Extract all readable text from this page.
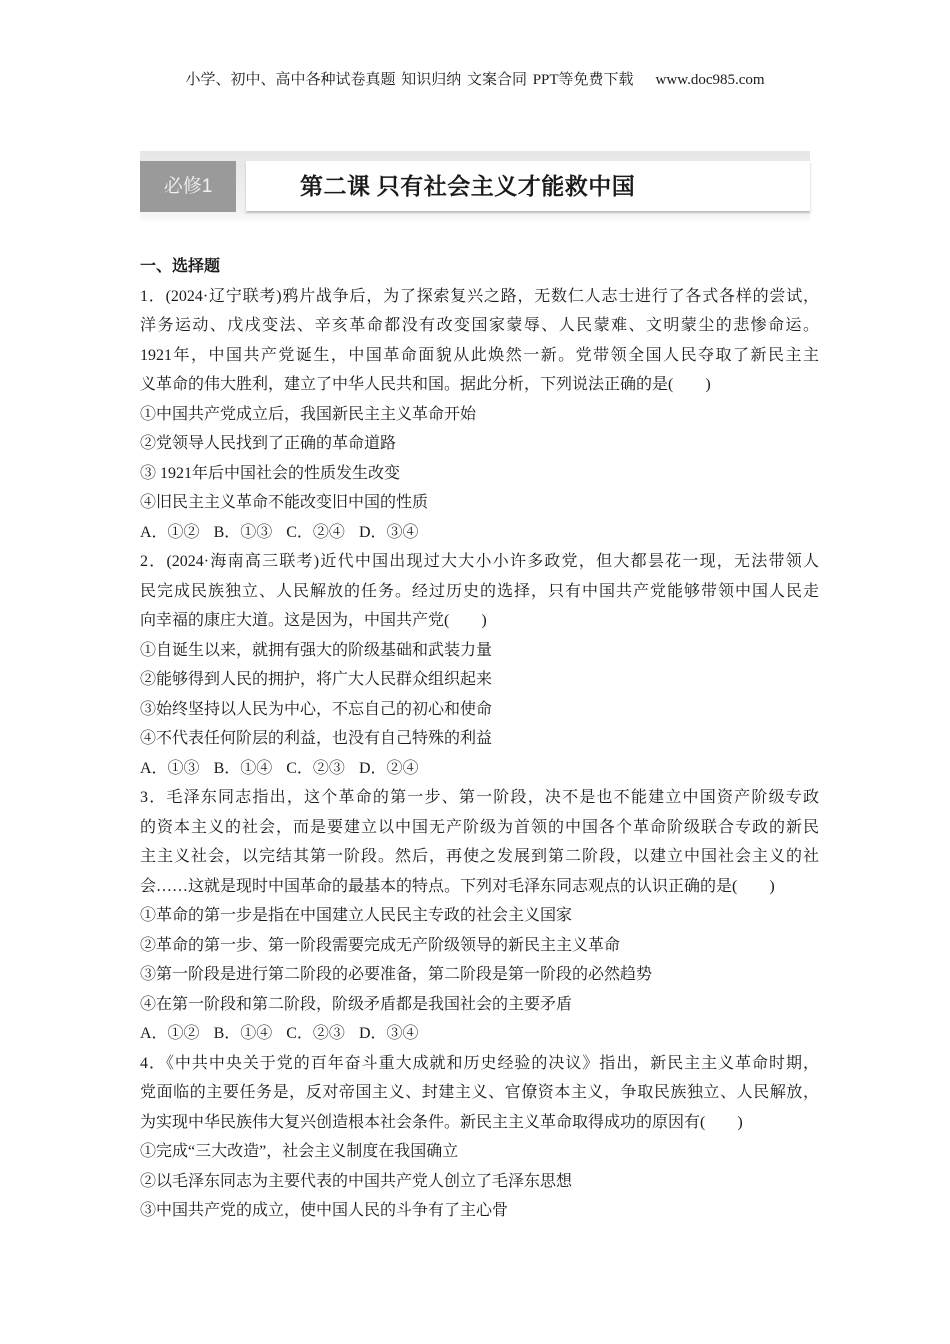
小学、初中、高中各种试卷真题 知识归纳 文案合同 PPT等免费下载 www.doc985.com
必修1	第二课 只有社会主义才能救中国
一、选择题
1．(2024·辽宁联考)鸦片战争后，为了探索复兴之路，无数仁人志士进行了各式各样的尝试，
洋务运动、戊戌变法、辛亥革命都没有改变国家蒙辱、人民蒙难、文明蒙尘的悲惨命运。
1921年，中国共产党诞生，中国革命面貌从此焕然一新。党带领全国人民夺取了新民主主
义革命的伟大胜利，建立了中华人民共和国。据此分析，下列说法正确的是(　　)
①中国共产党成立后，我国新民主主义革命开始
②党领导人民找到了正确的革命道路
③ 1921年后中国社会的性质发生改变
④旧民主主义革命不能改变旧中国的性质
A．①② B．①③ C．②④ D．③④
2．(2024·海南高三联考)近代中国出现过大大小小许多政党，但大都昙花一现，无法带领人
民完成民族独立、人民解放的任务。经过历史的选择，只有中国共产党能够带领中国人民走
向幸福的康庄大道。这是因为，中国共产党(　　)
①自诞生以来，就拥有强大的阶级基础和武装力量
②能够得到人民的拥护，将广大人民群众组织起来
③始终坚持以人民为中心，不忘自己的初心和使命
④不代表任何阶层的利益，也没有自己特殊的利益
A．①③ B．①④ C．②③ D．②④
3．毛泽东同志指出，这个革命的第一步、第一阶段，决不是也不能建立中国资产阶级专政
的资本主义的社会，而是要建立以中国无产阶级为首领的中国各个革命阶级联合专政的新民
主主义社会，以完结其第一阶段。然后，再使之发展到第二阶段，以建立中国社会主义的社
会……这就是现时中国革命的最基本的特点。下列对毛泽东同志观点的认识正确的是(　　)
①革命的第一步是指在中国建立人民民主专政的社会主义国家
②革命的第一步、第一阶段需要完成无产阶级领导的新民主主义革命
③第一阶段是进行第二阶段的必要准备，第二阶段是第一阶段的必然趋势
④在第一阶段和第二阶段，阶级矛盾都是我国社会的主要矛盾
A．①② B．①④ C．②③ D．③④
4．《中共中央关于党的百年奋斗重大成就和历史经验的决议》指出，新民主主义革命时期，
党面临的主要任务是，反对帝国主义、封建主义、官僚资本主义，争取民族独立、人民解放，
为实现中华民族伟大复兴创造根本社会条件。新民主主义革命取得成功的原因有(　　)
①完成“三大改造”，社会主义制度在我国确立
②以毛泽东同志为主要代表的中国共产党人创立了毛泽东思想
③中国共产党的成立，使中国人民的斗争有了主心骨
